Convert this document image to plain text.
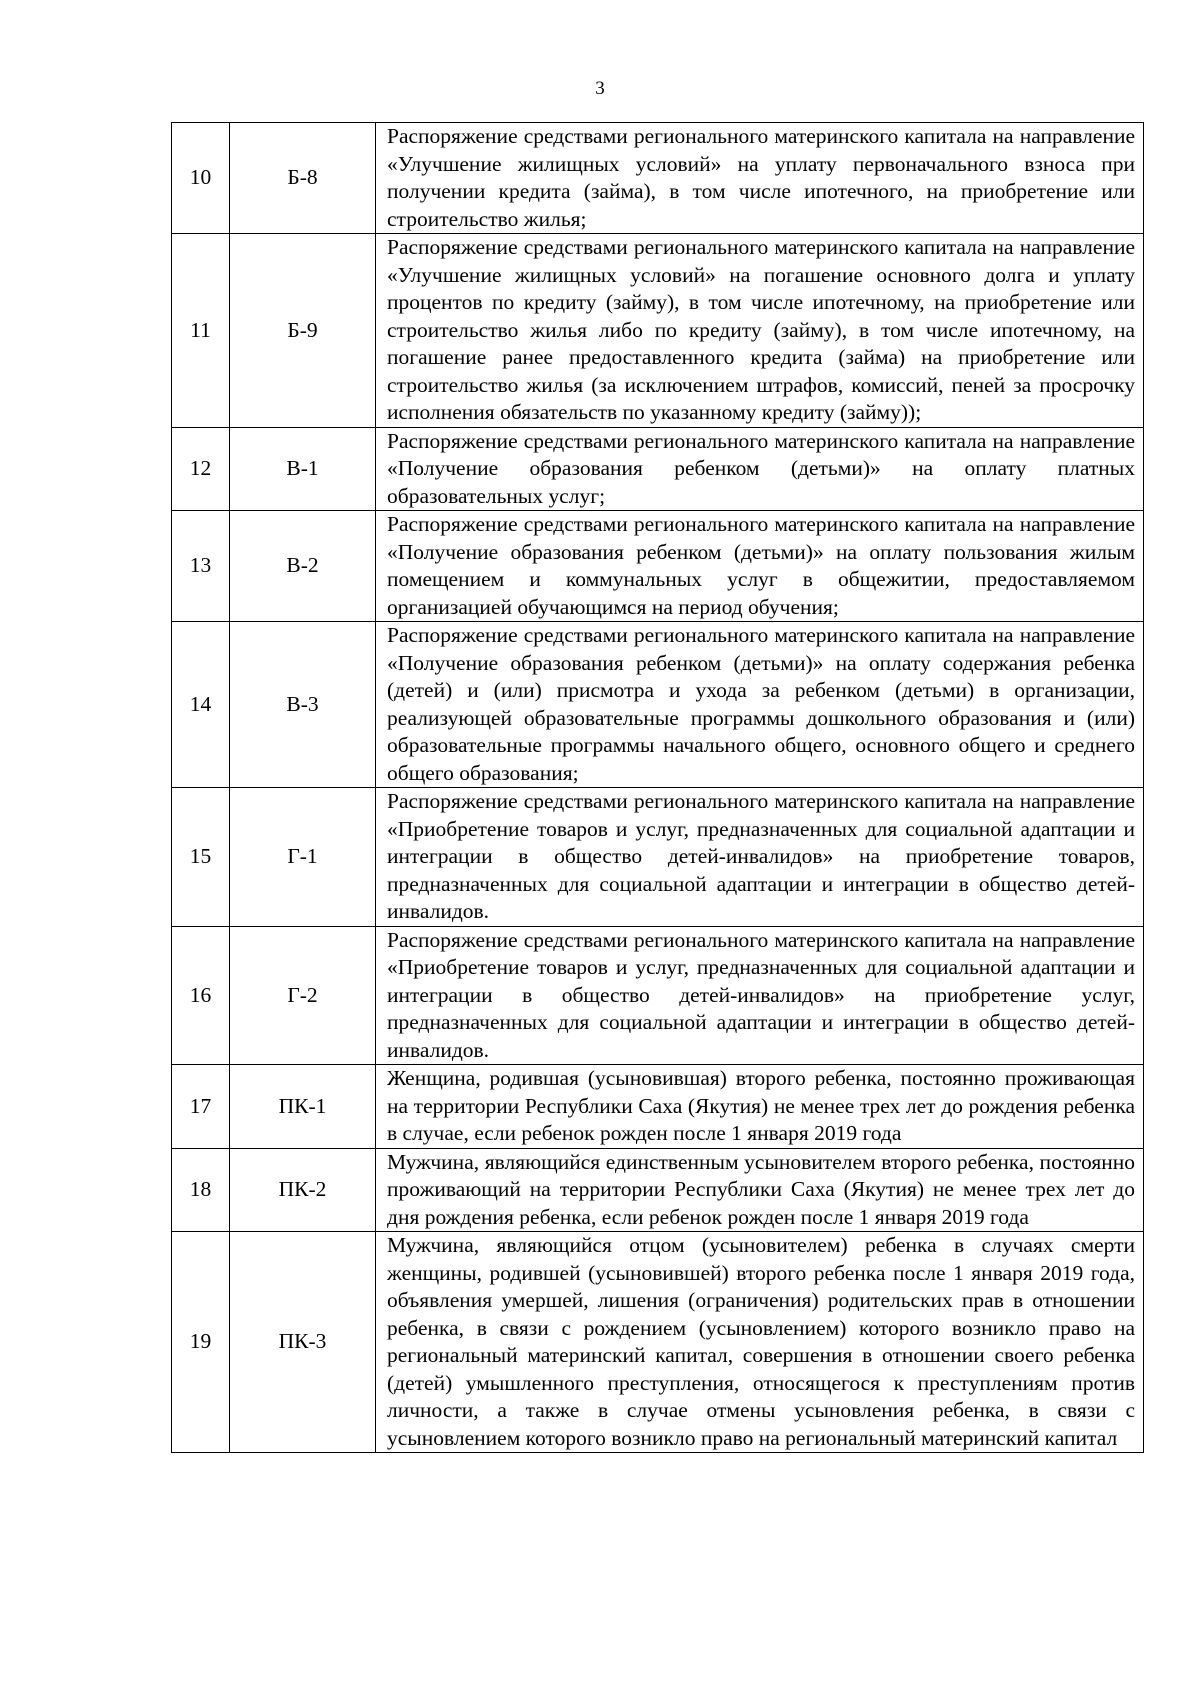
3
10	Б-8	Распоряжение средствами регионального материнского капитала на направление «Улучшение жилищных условий» на уплату первоначального взноса при получении кредита (займа), в том числе ипотечного, на приобретение или строительство жилья;
11	Б-9	Распоряжение средствами регионального материнского капитала на направление «Улучшение жилищных условий» на погашение основного долга и уплату процентов по кредиту (займу), в том числе ипотечному, на приобретение или строительство жилья либо по кредиту (займу), в том числе ипотечному, на погашение ранее предоставленного кредита (займа) на приобретение или строительство жилья (за исключением штрафов, комиссий, пеней за просрочку исполнения обязательств по указанному кредиту (займу));
12	В-1	Распоряжение средствами регионального материнского капитала на направление «Получение образования ребенком (детьми)» на оплату платных образовательных услуг;
13	В-2	Распоряжение средствами регионального материнского капитала на направление «Получение образования ребенком (детьми)» на оплату пользования жилым помещением и коммунальных услуг в общежитии, предоставляемом организацией обучающимся на период обучения;
14	В-3	Распоряжение средствами регионального материнского капитала на направление «Получение образования ребенком (детьми)» на оплату содержания ребенка (детей) и (или) присмотра и ухода за ребенком (детьми) в организации, реализующей образовательные программы дошкольного образования и (или) образовательные программы начального общего, основного общего и среднего общего образования;
15	Г-1	Распоряжение средствами регионального материнского капитала на направление «Приобретение товаров и услуг, предназначенных для социальной адаптации и интеграции в общество детей-инвалидов» на приобретение товаров, предназначенных для социальной адаптации и интеграции в общество детей-инвалидов.
16	Г-2	Распоряжение средствами регионального материнского капитала на направление «Приобретение товаров и услуг, предназначенных для социальной адаптации и интеграции в общество детей-инвалидов» на приобретение услуг, предназначенных для социальной адаптации и интеграции в общество детей-инвалидов.
17	ПК-1	Женщина, родившая (усыновившая) второго ребенка, постоянно проживающая на территории Республики Саха (Якутия) не менее трех лет до рождения ребенка в случае, если ребенок рожден после 1 января 2019 года
18	ПК-2	Мужчина, являющийся единственным усыновителем второго ребенка, постоянно проживающий на территории Республики Саха (Якутия) не менее трех лет до дня рождения ребенка, если ребенок рожден после 1 января 2019 года
19	ПК-3	Мужчина, являющийся отцом (усыновителем) ребенка в случаях смерти женщины, родившей (усыновившей) второго ребенка после 1 января 2019 года, объявления умершей, лишения (ограничения) родительских прав в отношении ребенка, в связи с рождением (усыновлением) которого возникло право на региональный материнский капитал, совершения в отношении своего ребенка (детей) умышленного преступления, относящегося к преступлениям против личности, а также в случае отмены усыновления ребенка, в связи с усыновлением которого возникло право на региональный материнский капитал
